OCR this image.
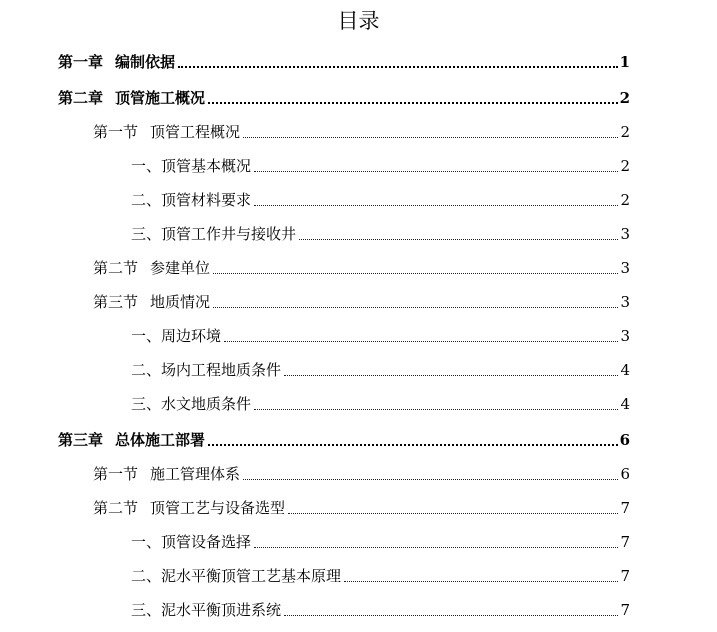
目录
第一章 编制依据	1
第二章 顶管施工概况	2
第一节 顶管工程概况	2
一、顶管基本概况	2
二、顶管材料要求	2
三、顶管工作井与接收井	3
第二节 参建单位	3
第三节 地质情况	3
一、周边环境	3
二、场内工程地质条件	4
三、水文地质条件	4
第三章 总体施工部署	6
第一节 施工管理体系	6
第二节 顶管工艺与设备选型	7
一、顶管设备选择	7
二、泥水平衡顶管工艺基本原理	7
三、泥水平衡顶进系统	7
